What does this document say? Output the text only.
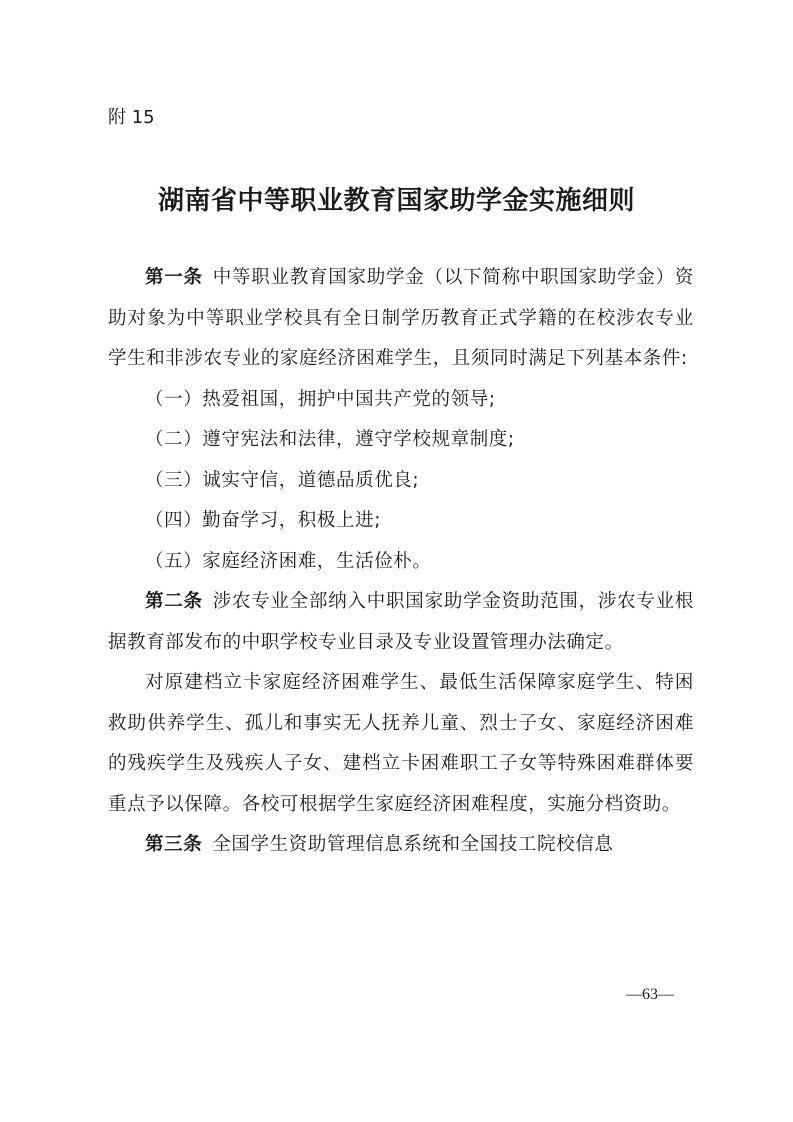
附 15
湖南省中等职业教育国家助学金实施细则

第一条 中等职业教育国家助学金（以下简称中职国家助学金）资助对象为中等职业学校具有全日制学历教育正式学籍的在校涉农专业学生和非涉农专业的家庭经济困难学生，且须同时满足下列基本条件:

（一）热爱祖国，拥护中国共产党的领导;

（二）遵守宪法和法律，遵守学校规章制度;

（三）诚实守信，道德品质优良;

（四）勤奋学习，积极上进;

（五）家庭经济困难，生活俭朴。

第二条 涉农专业全部纳入中职国家助学金资助范围，涉农专业根据教育部发布的中职学校专业目录及专业设置管理办法确定。

对原建档立卡家庭经济困难学生、最低生活保障家庭学生、特困救助供养学生、孤儿和事实无人抚养儿童、烈士子女、家庭经济困难的残疾学生及残疾人子女、建档立卡困难职工子女等特殊困难群体要重点予以保障。各校可根据学生家庭经济困难程度，实施分档资助。

第三条 全国学生资助管理信息系统和全国技工院校信息

—63—
